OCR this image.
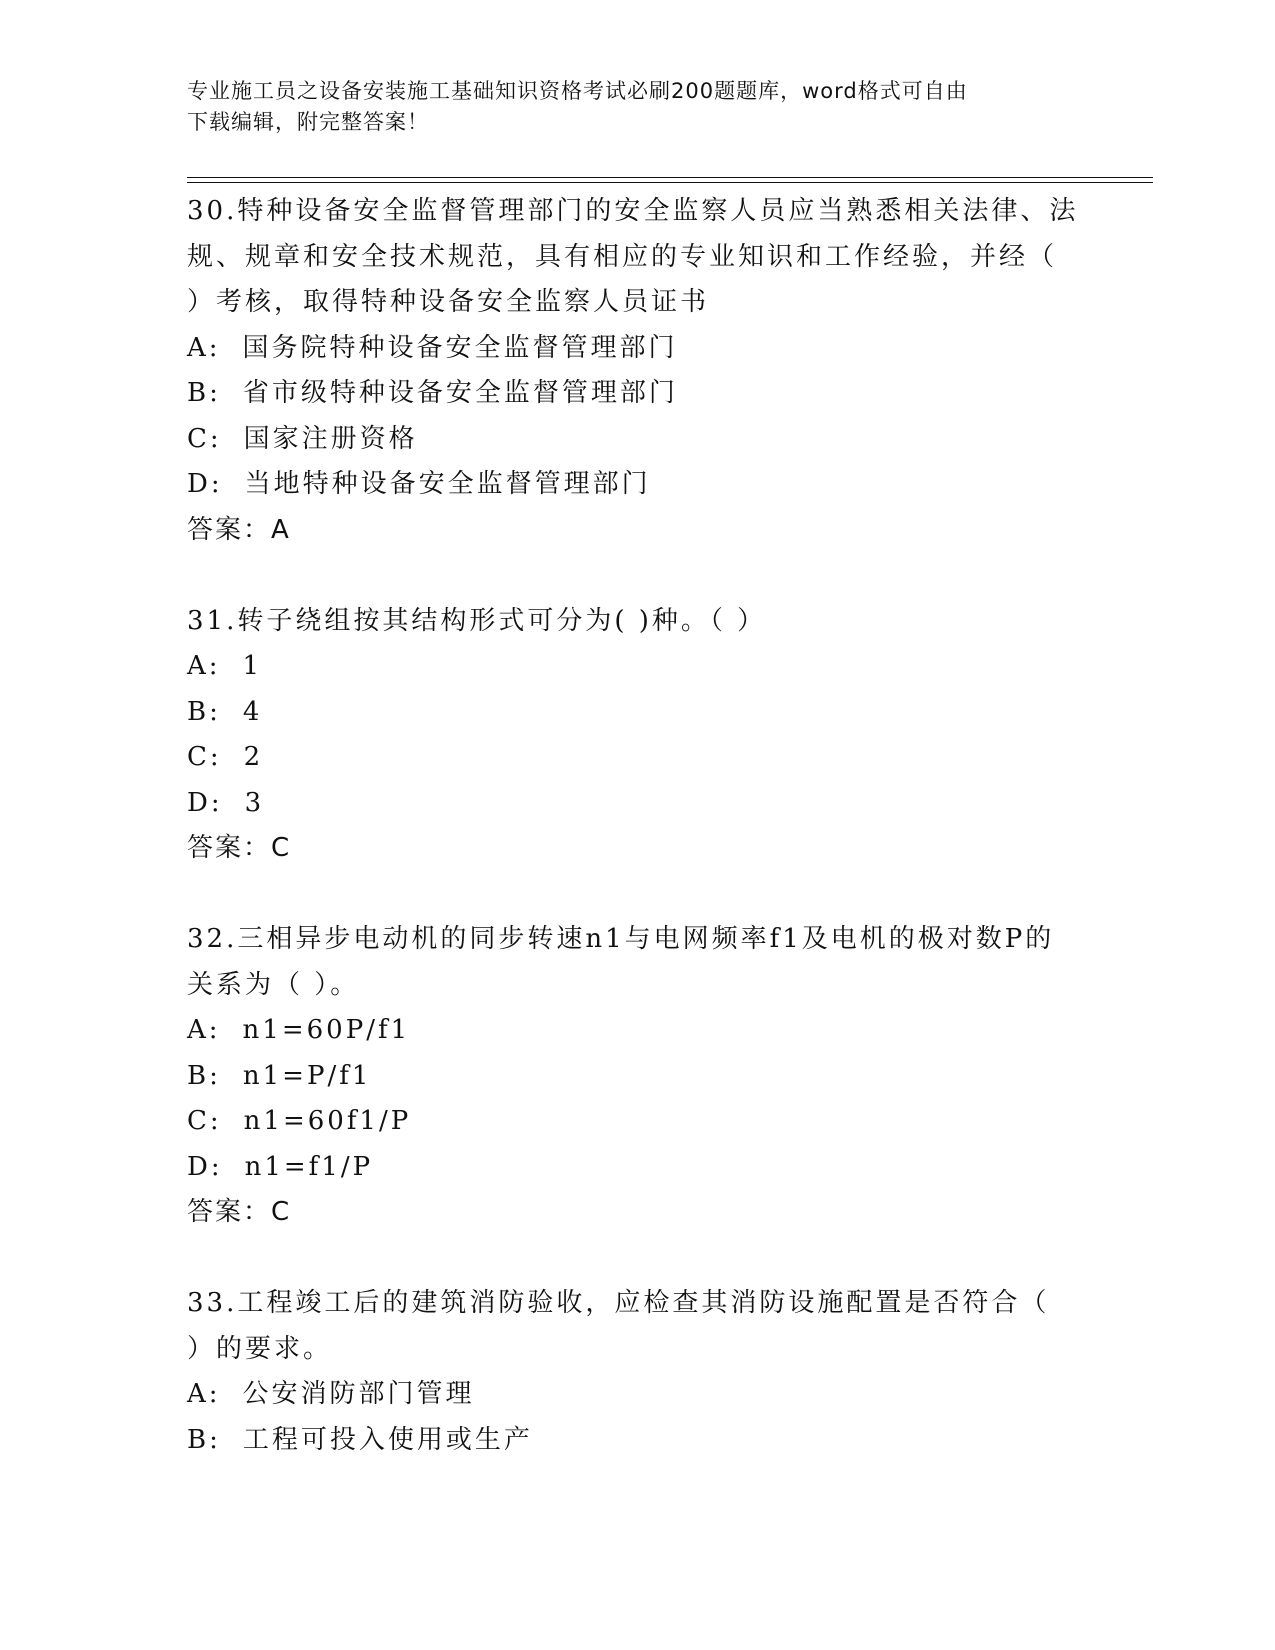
专业施工员之设备安装施工基础知识资格考试必刷200题题库，word格式可自由
下载编辑，附完整答案！
30.特种设备安全监督管理部门的安全监察人员应当熟悉相关法律、法
规、规章和安全技术规范，具有相应的专业知识和工作经验，并经（
）考核，取得特种设备安全监察人员证书
A: 国务院特种设备安全监督管理部门
B: 省市级特种设备安全监督管理部门
C: 国家注册资格
D: 当地特种设备安全监督管理部门
答案：A
31.转子绕组按其结构形式可分为( )种。（ ）
A: 1
B: 4
C: 2
D: 3
答案：C
32.三相异步电动机的同步转速n1与电网频率f1及电机的极对数P的
关系为（ ）。
A: n1=60P/f1
B: n1=P/f1
C: n1=60f1/P
D: n1=f1/P
答案：C
33.工程竣工后的建筑消防验收，应检查其消防设施配置是否符合（
）的要求。
A: 公安消防部门管理
B: 工程可投入使用或生产
